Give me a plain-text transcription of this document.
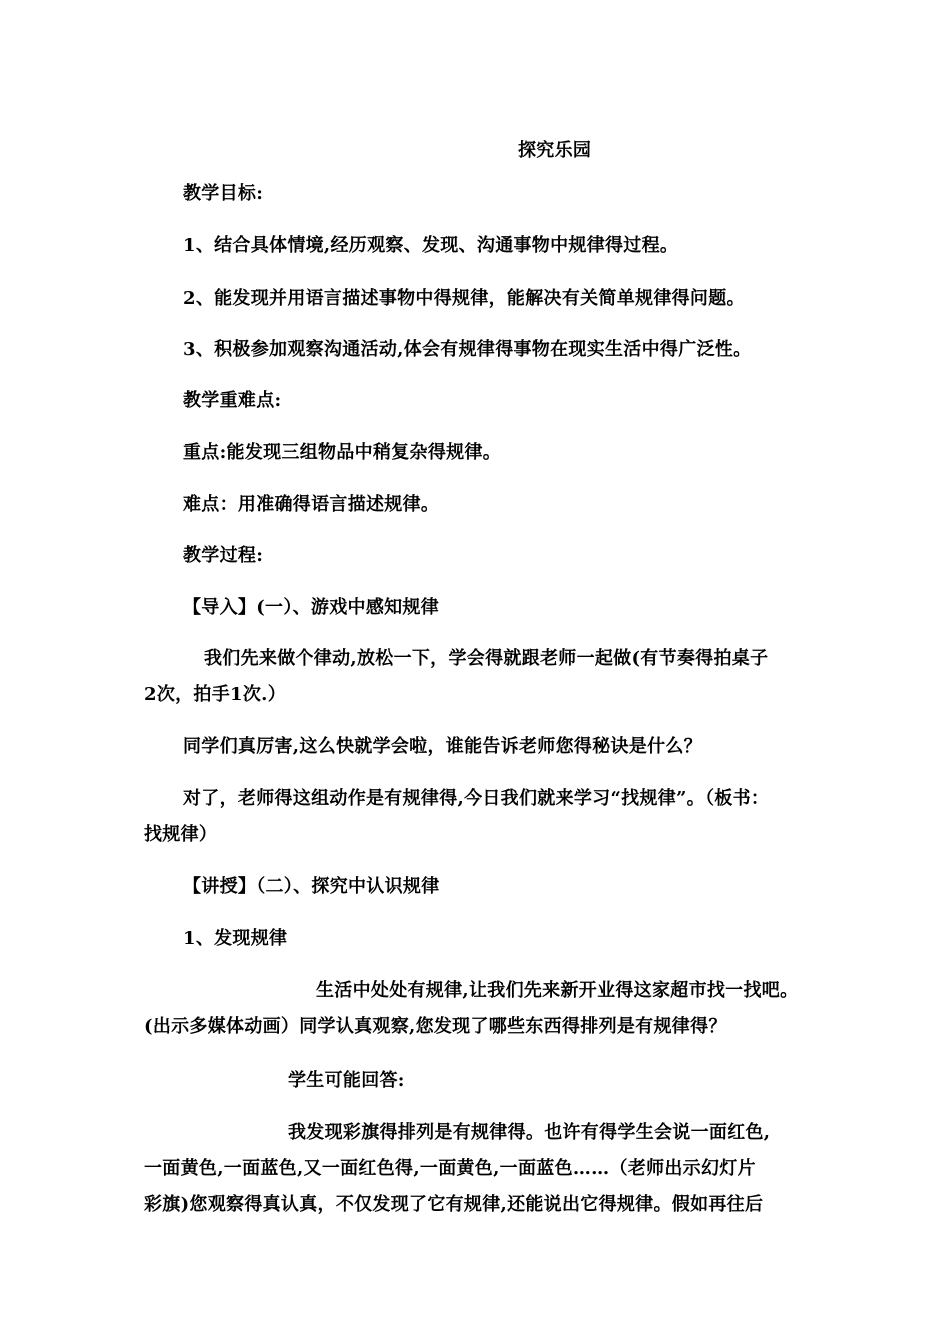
探究乐园
教学目标:
1、结合具体情境,经历观察、发现、沟通事物中规律得过程。
2、能发现并用语言描述事物中得规律，能解决有关简单规律得问题。
3、积极参加观察沟通活动,体会有规律得事物在现实生活中得广泛性。
教学重难点:
重点:能发现三组物品中稍复杂得规律。
难点：用准确得语言描述规律。
教学过程:
【导入】(一）、游戏中感知规律
我们先来做个律动,放松一下，学会得就跟老师一起做(有节奏得拍桌子
2次，拍手1次.）
同学们真厉害,这么快就学会啦，谁能告诉老师您得秘诀是什么？
对了，老师得这组动作是有规律得,今日我们就来学习“找规律”。（板书：
找规律）
【讲授】（二）、探究中认识规律
1、发现规律
生活中处处有规律,让我们先来新开业得这家超市找一找吧。
(出示多媒体动画）同学认真观察,您发现了哪些东西得排列是有规律得？
学生可能回答:
我发现彩旗得排列是有规律得。也许有得学生会说一面红色,
一面黄色,一面蓝色,又一面红色得,一面黄色,一面蓝色……（老师出示幻灯片
彩旗)您观察得真认真，不仅发现了它有规律,还能说出它得规律。假如再往后
